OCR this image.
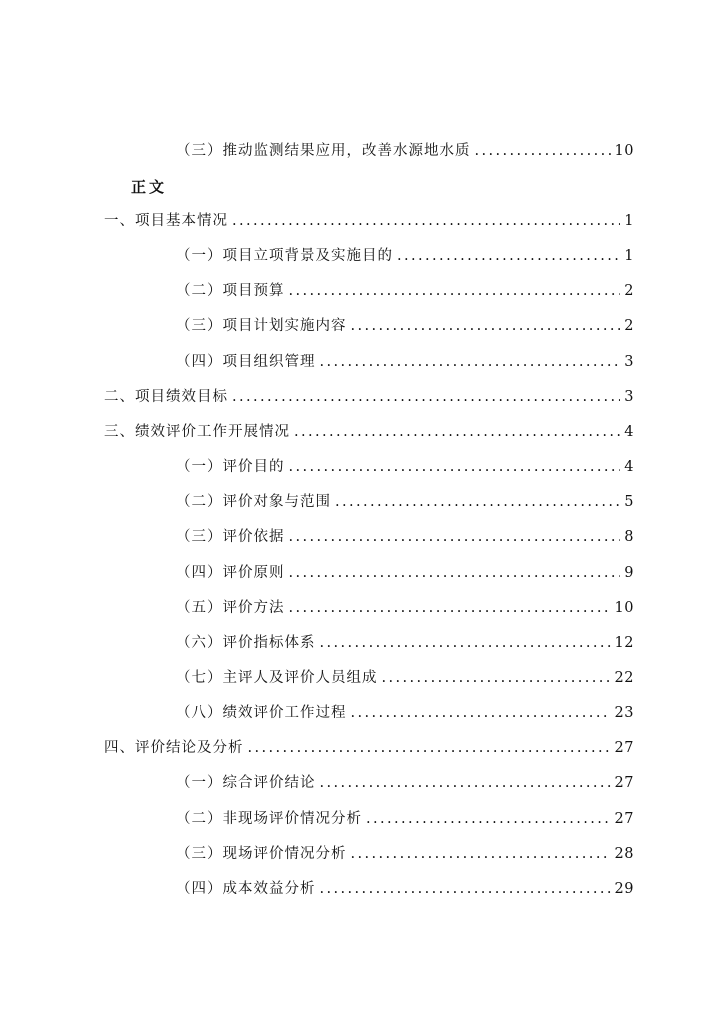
（三）推动监测结果应用，改善水源地水质 .....	10
正文
一、项目基本情况 .....	1
（一）项目立项背景及实施目的 .....	1
（二）项目预算 .....	2
（三）项目计划实施内容 .....	2
（四）项目组织管理 .....	3
二、项目绩效目标 .....	3
三、绩效评价工作开展情况 .....	4
（一）评价目的 .....	4
（二）评价对象与范围 .....	5
（三）评价依据 .....	8
（四）评价原则 .....	9
（五）评价方法 .....	10
（六）评价指标体系 .....	12
（七）主评人及评价人员组成 .....	22
（八）绩效评价工作过程 .....	23
四、评价结论及分析 .....	27
（一）综合评价结论 .....	27
（二）非现场评价情况分析 .....	27
（三）现场评价情况分析 .....	28
（四）成本效益分析 .....	29
